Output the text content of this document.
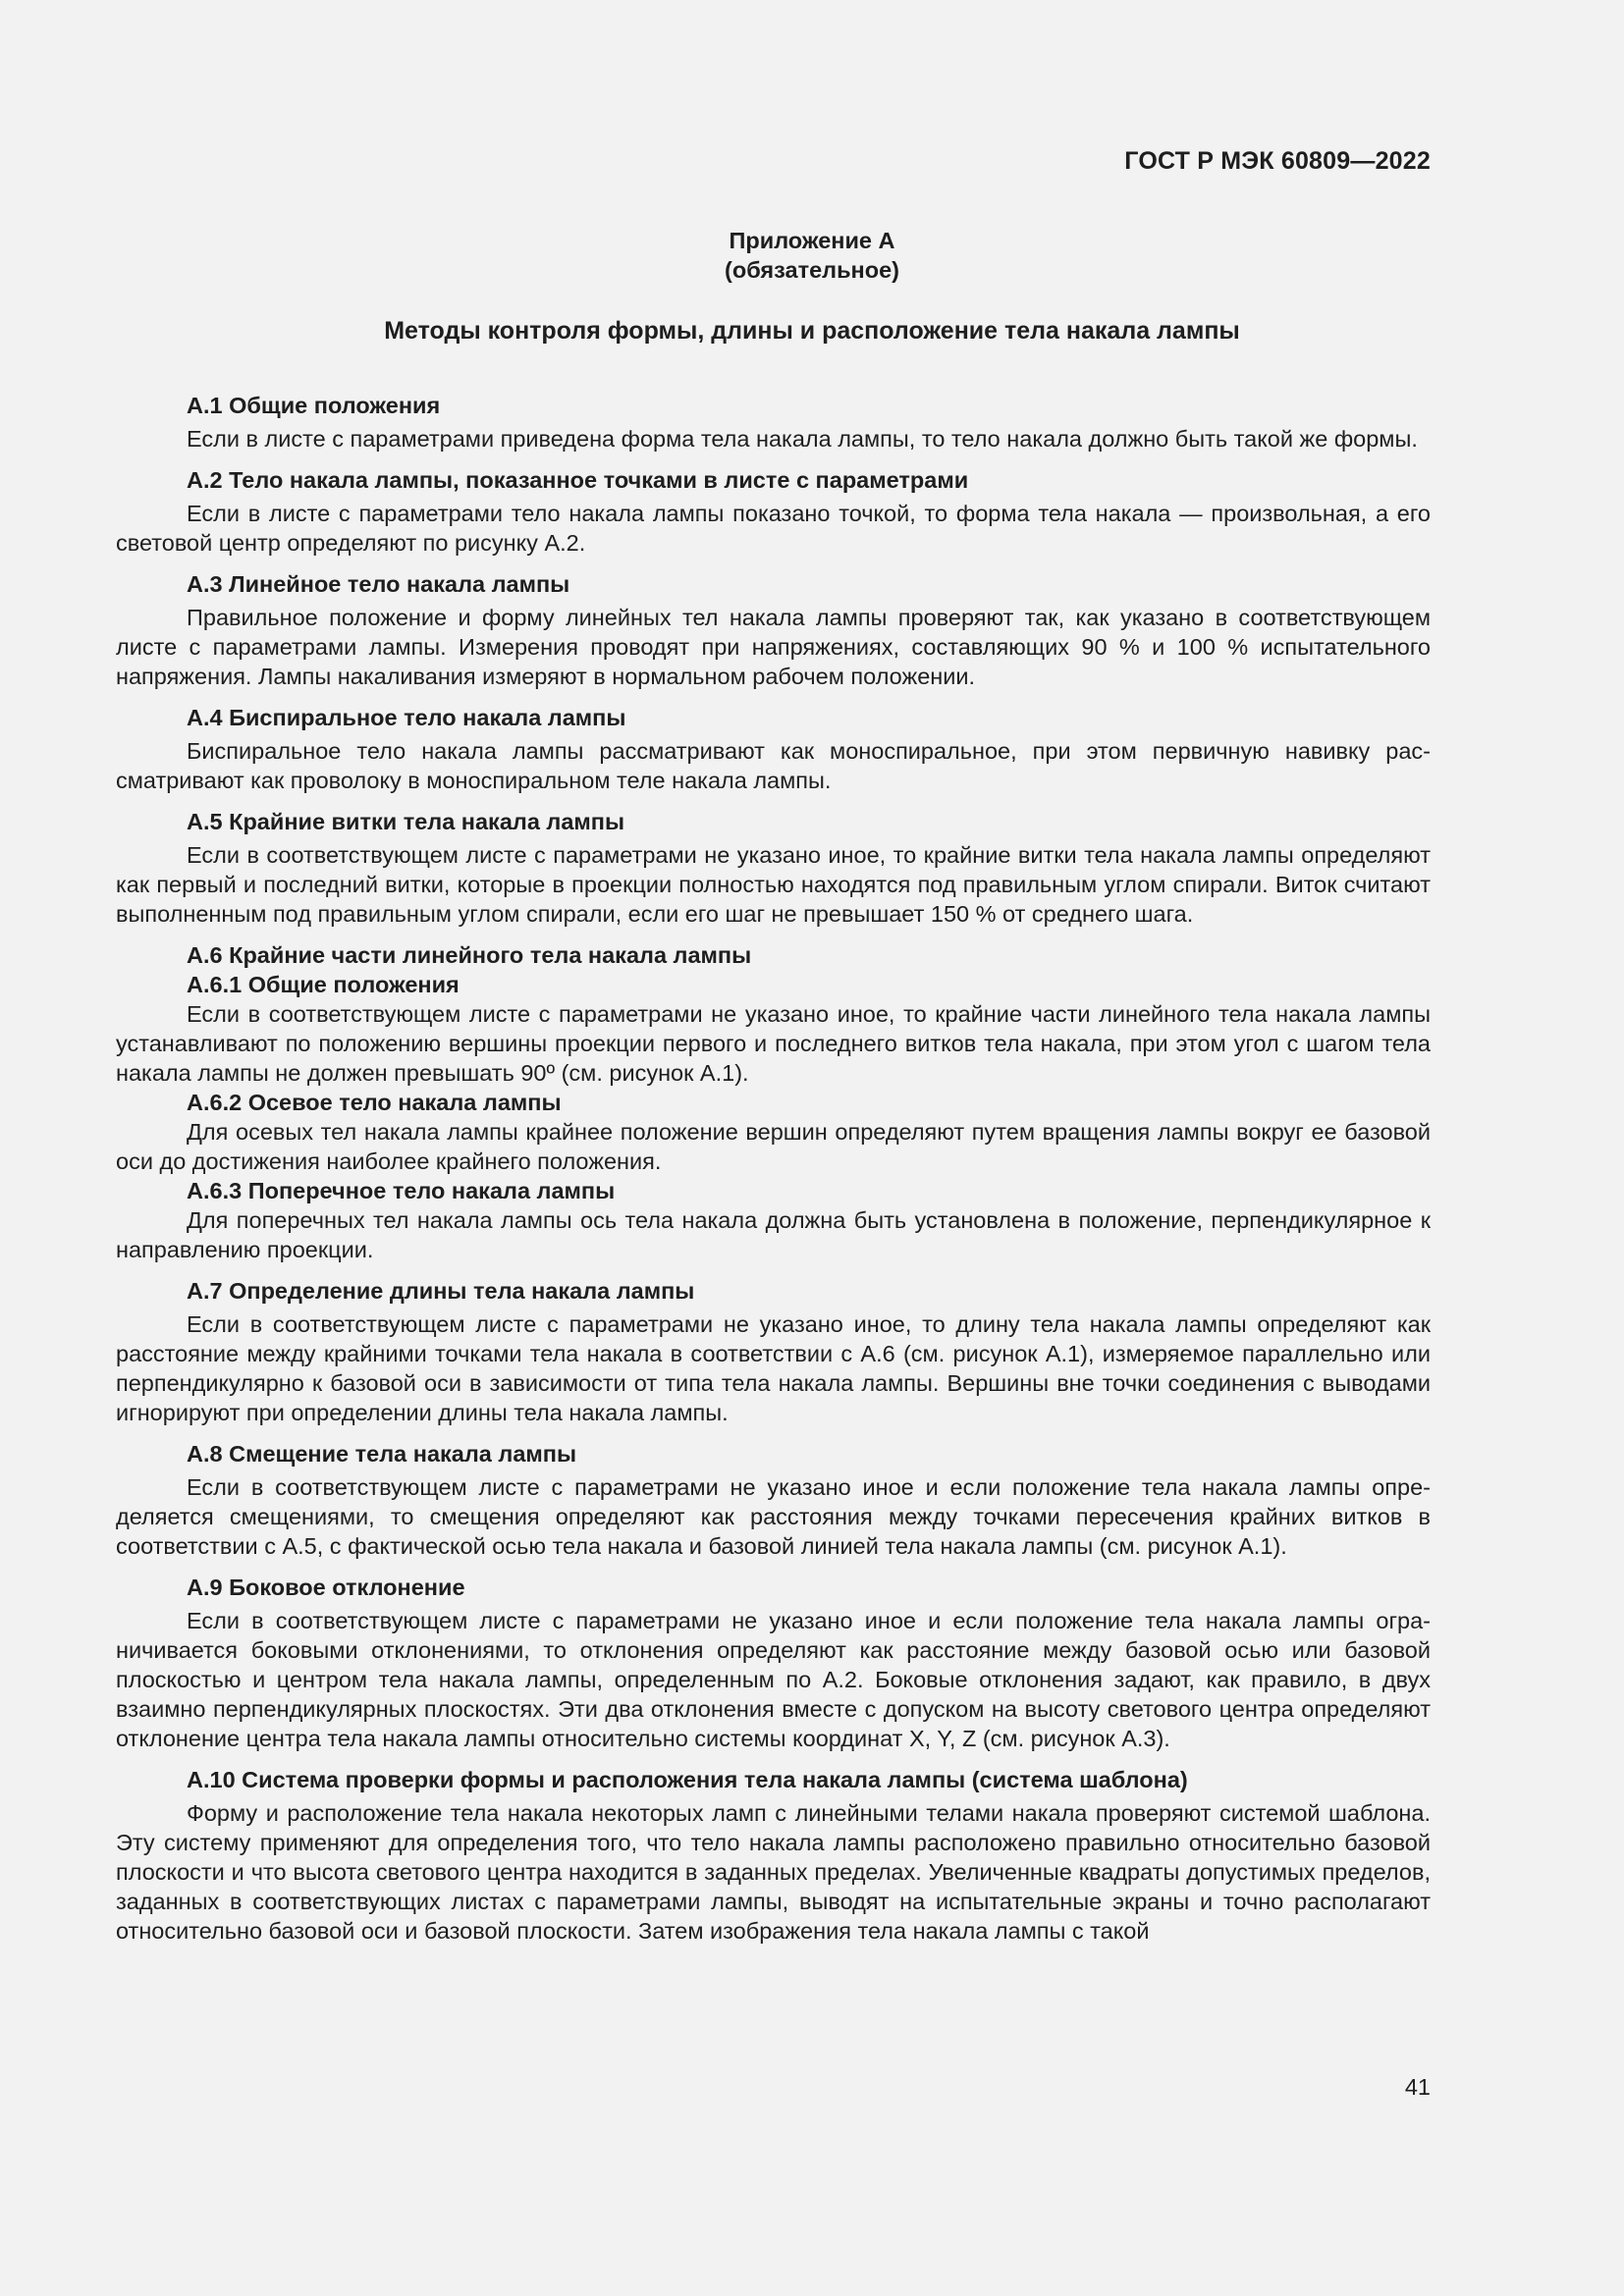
ГОСТ Р МЭК 60809—2022
Приложение А
(обязательное)
Методы контроля формы, длины и расположение тела накала лампы

А.1 Общие положения

Если в листе с параметрами приведена форма тела накала лампы, то тело накала должно быть такой же формы.

А.2 Тело накала лампы, показанное точками в листе с параметрами

Если в листе с параметрами тело накала лампы показано точкой, то форма тела накала — произвольная, а его световой центр определяют по рисунку А.2.

А.3 Линейное тело накала лампы

Правильное положение и форму линейных тел накала лампы проверяют так, как указано в соответствующем листе с параметрами лампы. Измерения проводят при напряжениях, составляющих 90 % и 100 % испытательного напряжения. Лампы накаливания измеряют в нормальном рабочем положении.

А.4 Биспиральное тело накала лампы

Биспиральное тело накала лампы рассматривают как моноспиральное, при этом первичную навивку рассматривают как проволоку в моноспиральном теле накала лампы.

А.5 Крайние витки тела накала лампы

Если в соответствующем листе с параметрами не указано иное, то крайние витки тела накала лампы определяют как первый и последний витки, которые в проекции полностью находятся под правильным углом спирали. Виток считают выполненным под правильным углом спирали, если его шаг не превышает 150 % от среднего шага.

А.6 Крайние части линейного тела накала лампы

А.6.1 Общие положения

Если в соответствующем листе с параметрами не указано иное, то крайние части линейного тела накала лампы устанавливают по положению вершины проекции первого и последнего витков тела накала, при этом угол с шагом тела накала лампы не должен превышать 90º (см. рисунок А.1).

А.6.2 Осевое тело накала лампы

Для осевых тел накала лампы крайнее положение вершин определяют путем вращения лампы вокруг ее базовой оси до достижения наиболее крайнего положения.

А.6.3 Поперечное тело накала лампы

Для поперечных тел накала лампы ось тела накала должна быть установлена в положение, перпендикулярное к направлению проекции.

А.7 Определение длины тела накала лампы

Если в соответствующем листе с параметрами не указано иное, то длину тела накала лампы определяют как расстояние между крайними точками тела накала в соответствии с А.6 (см. рисунок А.1), измеряемое параллельно или перпендикулярно к базовой оси в зависимости от типа тела накала лампы. Вершины вне точки соединения с выводами игнорируют при определении длины тела накала лампы.

А.8 Смещение тела накала лампы

Если в соответствующем листе с параметрами не указано иное и если положение тела накала лампы определяется смещениями, то смещения определяют как расстояния между точками пересечения крайних витков в соответствии с А.5, с фактической осью тела накала и базовой линией тела накала лампы (см. рисунок А.1).

А.9 Боковое отклонение

Если в соответствующем листе с параметрами не указано иное и если положение тела накала лампы ограничивается боковыми отклонениями, то отклонения определяют как расстояние между базовой осью или базовой плоскостью и центром тела накала лампы, определенным по А.2. Боковые отклонения задают, как правило, в двух взаимно перпендикулярных плоскостях. Эти два отклонения вместе с допуском на высоту светового центра определяют отклонение центра тела накала лампы относительно системы координат X, Y, Z (см. рисунок А.3).

А.10 Система проверки формы и расположения тела накала лампы (система шаблона)

Форму и расположение тела накала некоторых ламп с линейными телами накала проверяют системой шаблона. Эту систему применяют для определения того, что тело накала лампы расположено правильно относительно базовой плоскости и что высота светового центра находится в заданных пределах. Увеличенные квадраты допустимых пределов, заданных в соответствующих листах с параметрами лампы, выводят на испытательные экраны и точно располагают относительно базовой оси и базовой плоскости. Затем изображения тела накала лампы с такой

41
